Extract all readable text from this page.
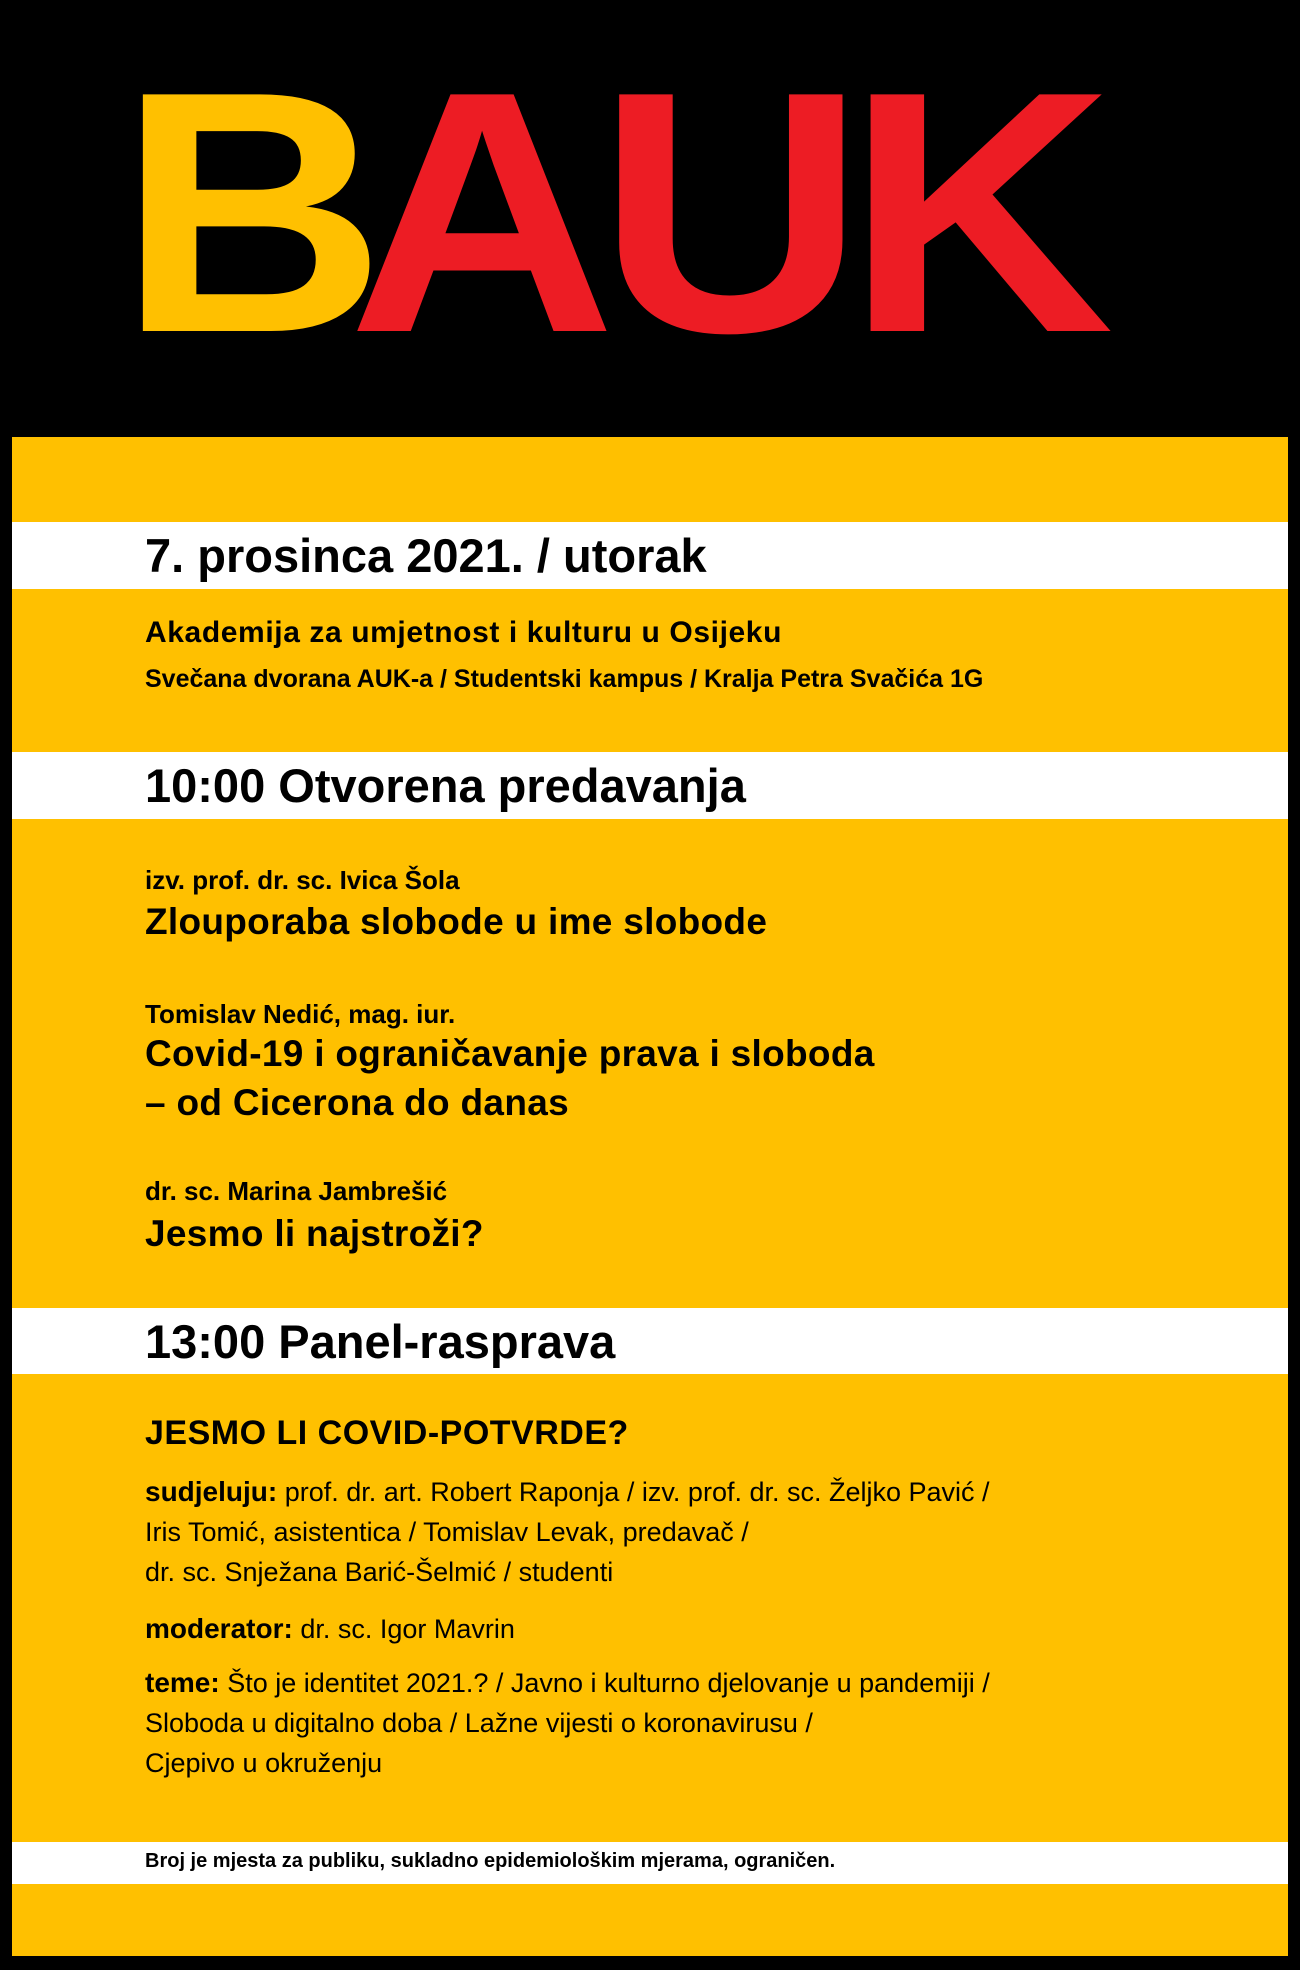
BAUK
7. prosinca 2021. / utorak
Akademija za umjetnost i kulturu u Osijeku
Svečana dvorana AUK-a / Studentski kampus / Kralja Petra Svačića 1G
10:00 Otvorena predavanja
izv. prof. dr. sc. Ivica Šola
Zlouporaba slobode u ime slobode
Tomislav Nedić, mag. iur.
Covid-19 i ograničavanje prava i sloboda
– od Cicerona do danas
dr. sc. Marina Jambrešić
Jesmo li najstroži?
13:00 Panel-rasprava
JESMO LI COVID-POTVRDE?
sudjeluju: prof. dr. art. Robert Raponja / izv. prof. dr. sc. Željko Pavić /
Iris Tomić, asistentica / Tomislav Levak, predavač /
dr. sc. Snježana Barić-Šelmić / studenti
moderator: dr. sc. Igor Mavrin
teme: Što je identitet 2021.? / Javno i kulturno djelovanje u pandemiji /
Sloboda u digitalno doba / Lažne vijesti o koronavirusu /
Cjepivo u okruženju
Broj je mjesta za publiku, sukladno epidemiološkim mjerama, ograničen.
